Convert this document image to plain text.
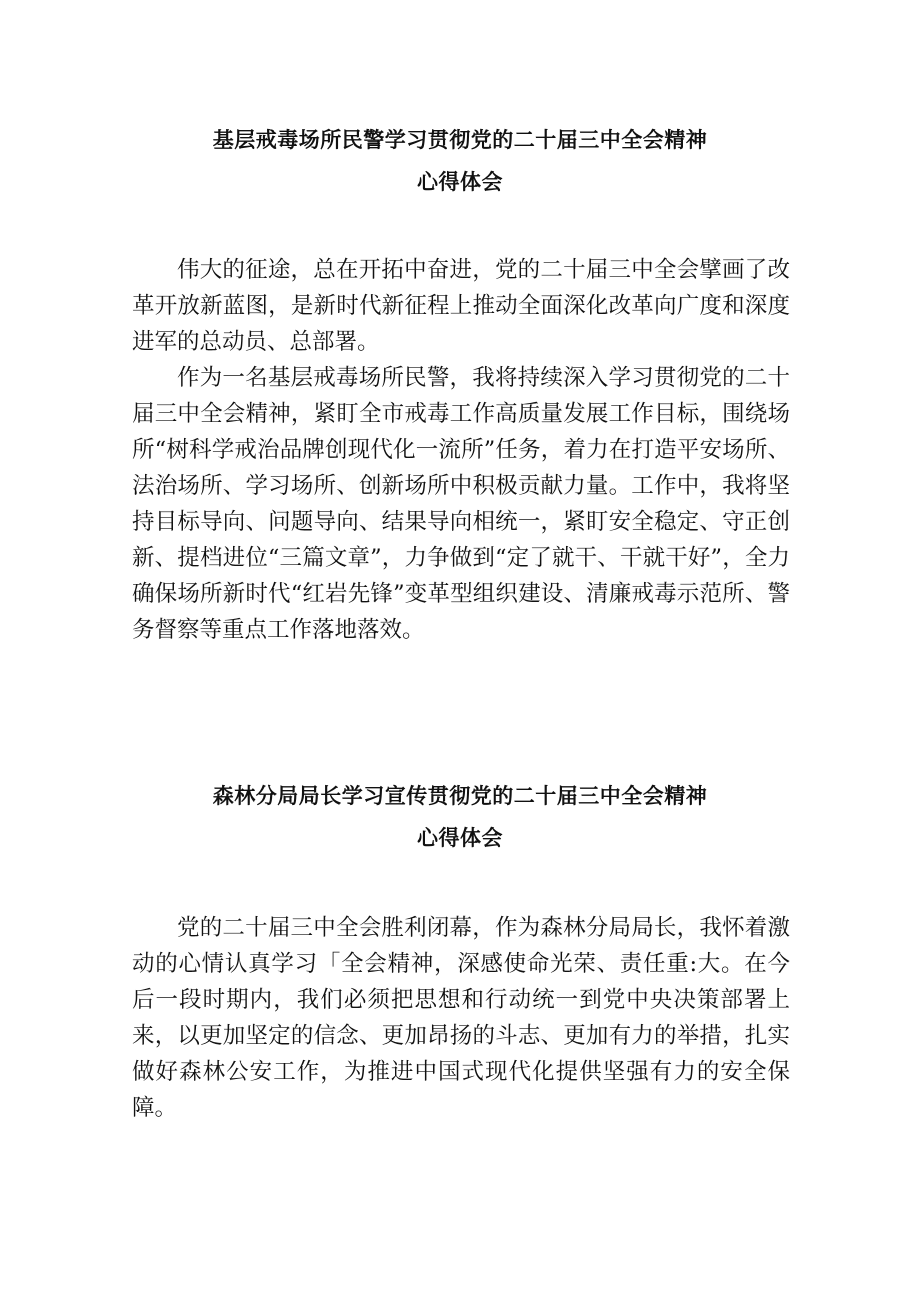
基层戒毒场所民警学习贯彻党的二十届三中全会精神
心得体会

伟大的征途，总在开拓中奋进，党的二十届三中全会擘画了改革开放新蓝图，是新时代新征程上推动全面深化改革向广度和深度进军的总动员、总部署。

作为一名基层戒毒场所民警，我将持续深入学习贯彻党的二十届三中全会精神，紧盯全市戒毒工作高质量发展工作目标，围绕场所“树科学戒治品牌创现代化一流所”任务，着力在打造平安场所、法治场所、学习场所、创新场所中积极贡献力量。工作中，我将坚持目标导向、问题导向、结果导向相统一，紧盯安全稳定、守正创新、提档进位“三篇文章”，力争做到“定了就干、干就干好”，全力确保场所新时代“红岩先锋”变革型组织建设、清廉戒毒示范所、警务督察等重点工作落地落效。

森林分局局长学习宣传贯彻党的二十届三中全会精神
心得体会

党的二十届三中全会胜利闭幕，作为森林分局局长，我怀着激动的心情认真学习「全会精神，深感使命光荣、责任重:大。在今后一段时期内，我们必须把思想和行动统一到党中央决策部署上来，以更加坚定的信念、更加昂扬的斗志、更加有力的举措，扎实做好森林公安工作，为推进中国式现代化提供坚强有力的安全保障。
